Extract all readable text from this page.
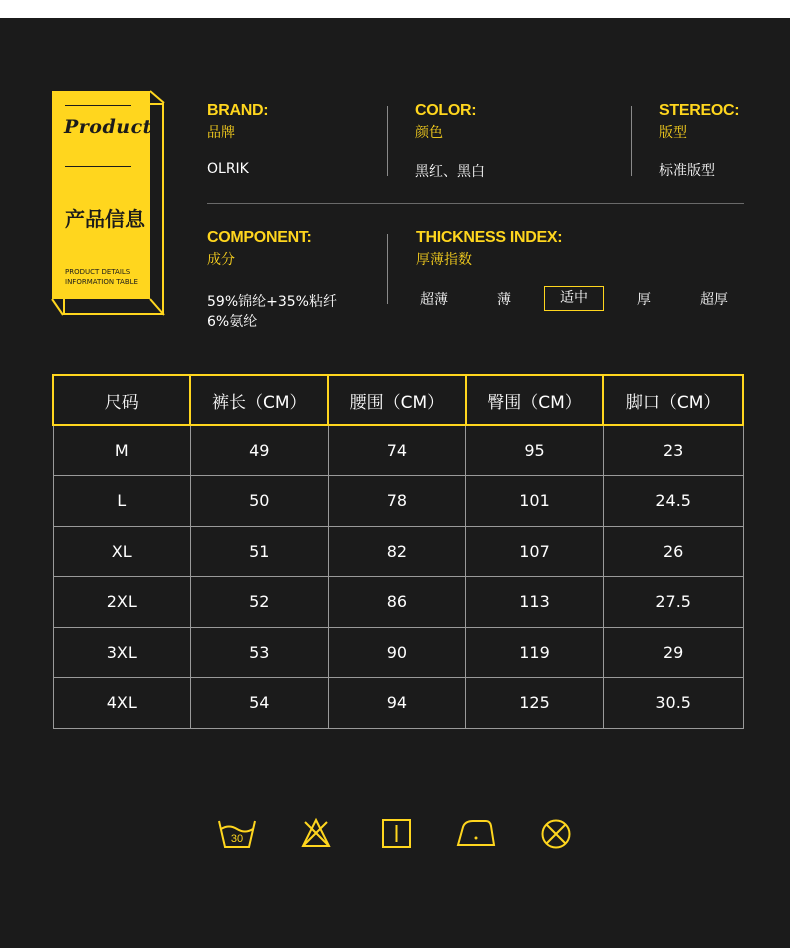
Product
产品信息
PRODUCT DETAILS
INFORMATION TABLE
BRAND:
品牌
OLRIK
COLOR:
颜色
黑红、黑白
STEREOC:
版型
标准版型
COMPONENT:
成分
59%锦纶+35%粘纤
6%氨纶
THICKNESS INDEX:
厚薄指数
超薄	薄	适中	厚	超厚
尺码	裤长（CM）	腰围（CM）	臀围（CM）	脚口（CM）
M	49	74	95	23
L	50	78	101	24.5
XL	51	82	107	26
2XL	52	86	113	27.5
3XL	53	90	119	29
4XL	54	94	125	30.5
30
